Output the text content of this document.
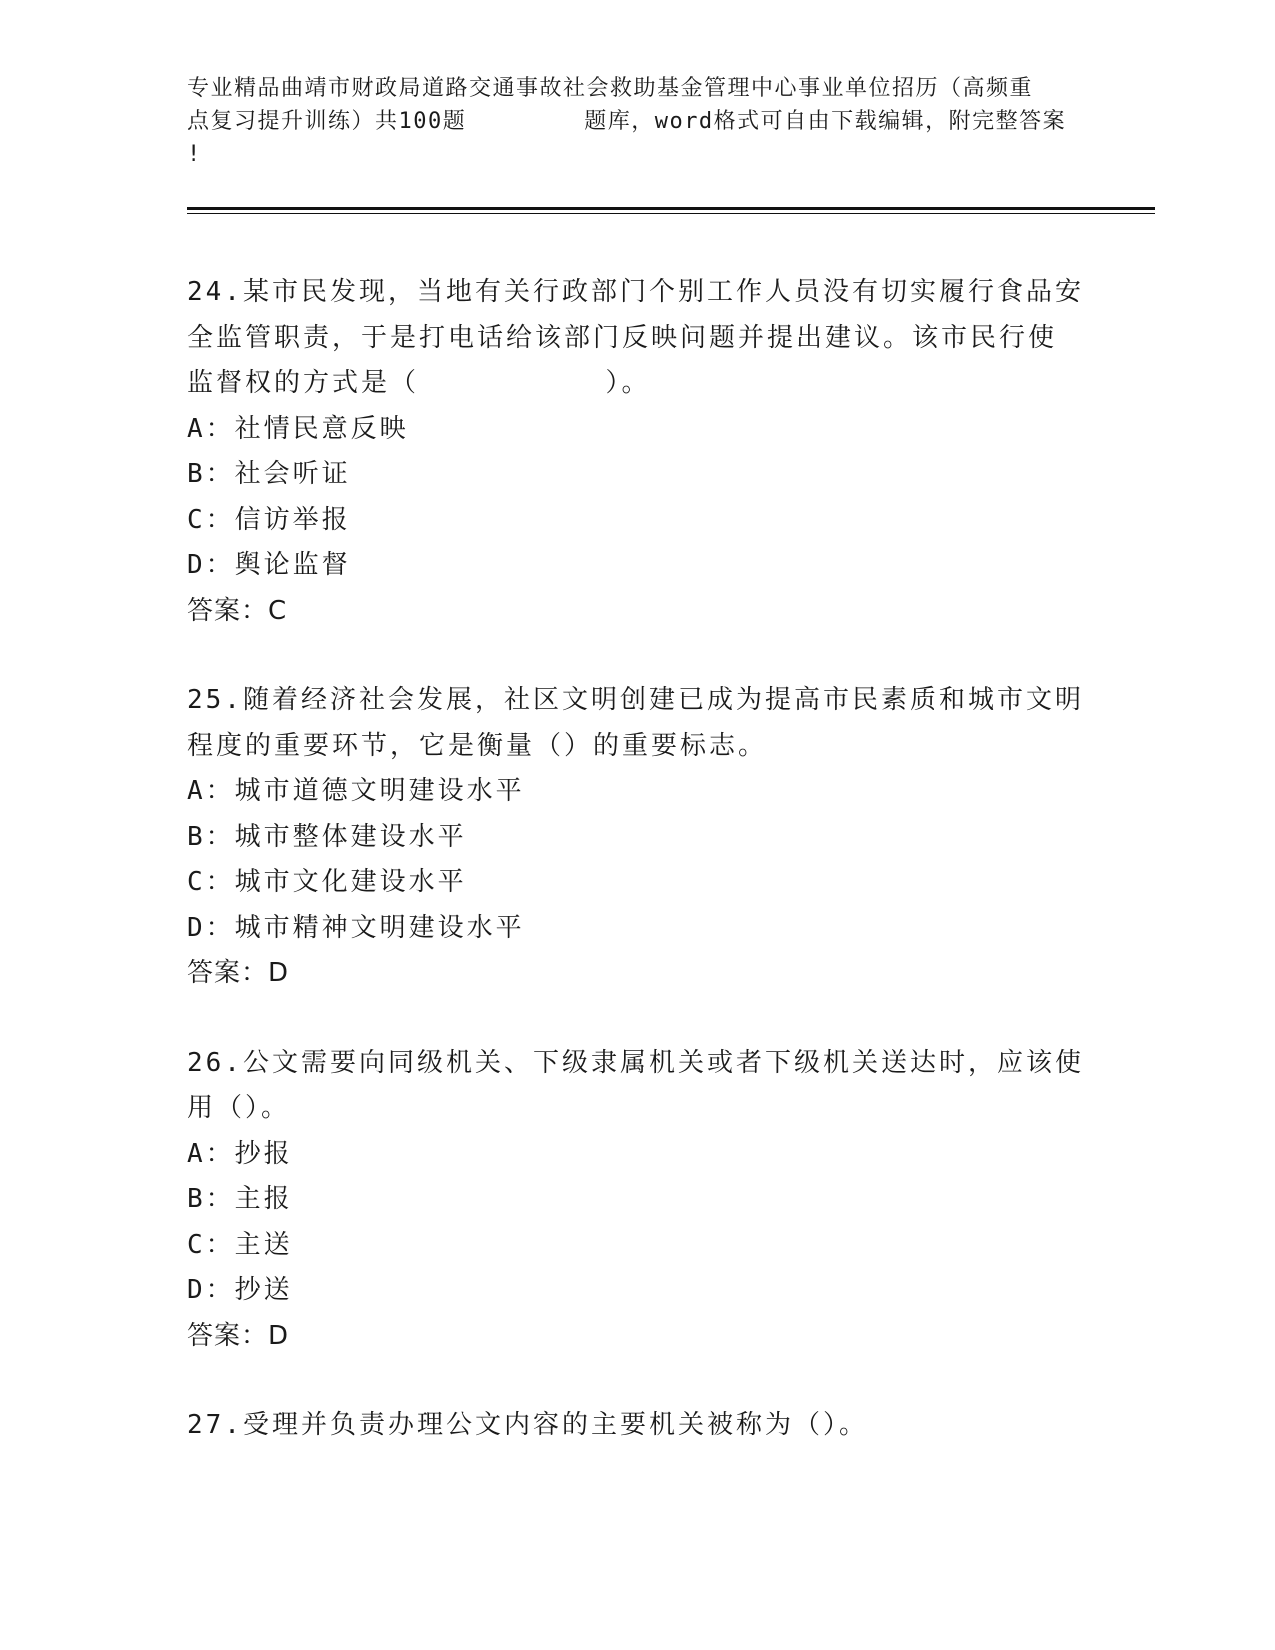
专业精品曲靖市财政局道路交通事故社会救助基金管理中心事业单位招历（高频重
点复习提升训练）共100题        题库，word格式可自由下载编辑，附完整答案
!
24.某市民发现，当地有关行政部门个别工作人员没有切实履行食品安
全监管职责，于是打电话给该部门反映问题并提出建议。该市民行使
监督权的方式是（          ）。
A：社情民意反映
B：社会听证
C：信访举报
D：舆论监督
答案：C
25.随着经济社会发展，社区文明创建已成为提高市民素质和城市文明
程度的重要环节，它是衡量（）的重要标志。
A：城市道德文明建设水平
B：城市整体建设水平
C：城市文化建设水平
D：城市精神文明建设水平
答案：D
26.公文需要向同级机关、下级隶属机关或者下级机关送达时，应该使
用（）。
A：抄报
B：主报
C：主送
D：抄送
答案：D
27.受理并负责办理公文内容的主要机关被称为（）。
